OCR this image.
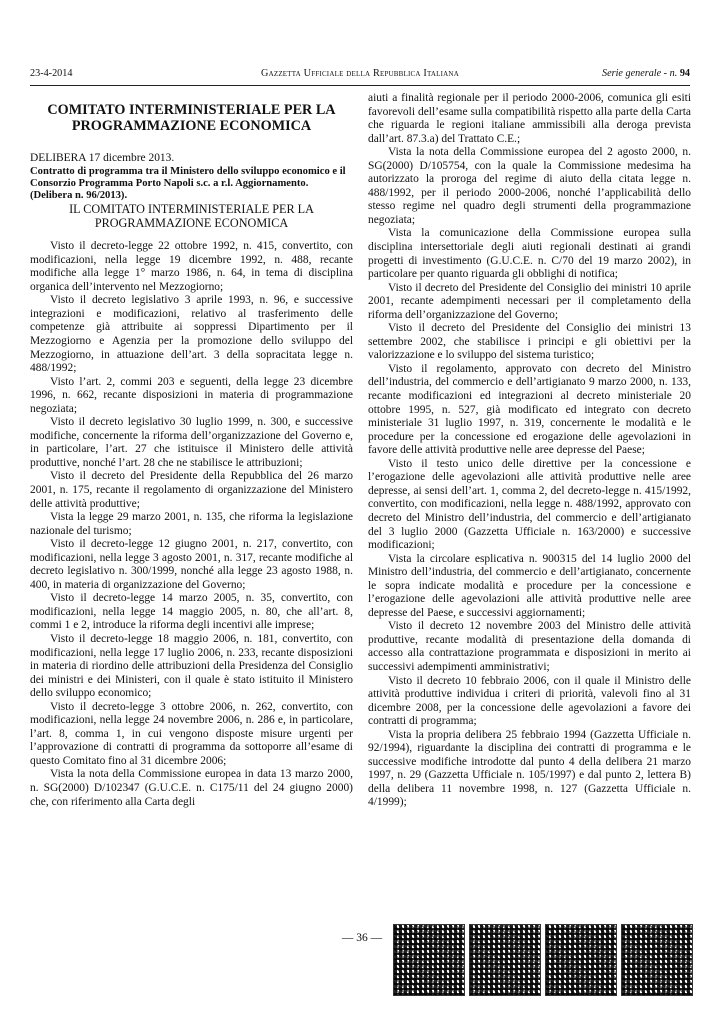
23-4-2014	Gazzetta Ufficiale della Repubblica Italiana	Serie generale - n. 94
COMITATO INTERMINISTERIALE PER LA PROGRAMMAZIONE ECONOMICA

DELIBERA 17 dicembre 2013.

Contratto di programma tra il Ministero dello sviluppo economico e il Consorzio Programma Porto Napoli s.c. a r.l. Aggiornamento. (Delibera n. 96/2013).

IL COMITATO INTERMINISTERIALE PER LA PROGRAMMAZIONE ECONOMICA

Visto il decreto-legge 22 ottobre 1992, n. 415, convertito, con modificazioni, nella legge 19 dicembre 1992, n. 488, recante modifiche alla legge 1° marzo 1986, n. 64, in tema di disciplina organica dell’intervento nel Mezzogiorno;

Visto il decreto legislativo 3 aprile 1993, n. 96, e successive integrazioni e modificazioni, relativo al trasferimento delle competenze già attribuite ai soppressi Dipartimento per il Mezzogiorno e Agenzia per la promozione dello sviluppo del Mezzogiorno, in attuazione dell’art. 3 della sopracitata legge n. 488/1992;

Visto l’art. 2, commi 203 e seguenti, della legge 23 dicembre 1996, n. 662, recante disposizioni in materia di programmazione negoziata;

Visto il decreto legislativo 30 luglio 1999, n. 300, e successive modifiche, concernente la riforma dell’organizzazione del Governo e, in particolare, l’art. 27 che istituisce il Ministero delle attività produttive, nonché l’art. 28 che ne stabilisce le attribuzioni;

Visto il decreto del Presidente della Repubblica del 26 marzo 2001, n. 175, recante il regolamento di organizzazione del Ministero delle attività produttive;

Vista la legge 29 marzo 2001, n. 135, che riforma la legislazione nazionale del turismo;

Visto il decreto-legge 12 giugno 2001, n. 217, convertito, con modificazioni, nella legge 3 agosto 2001, n. 317, recante modifiche al decreto legislativo n. 300/1999, nonché alla legge 23 agosto 1988, n. 400, in materia di organizzazione del Governo;

Visto il decreto-legge 14 marzo 2005, n. 35, convertito, con modificazioni, nella legge 14 maggio 2005, n. 80, che all’art. 8, commi 1 e 2, introduce la riforma degli incentivi alle imprese;

Visto il decreto-legge 18 maggio 2006, n. 181, convertito, con modificazioni, nella legge 17 luglio 2006, n. 233, recante disposizioni in materia di riordino delle attribuzioni della Presidenza del Consiglio dei ministri e dei Ministeri, con il quale è stato istituito il Ministero dello sviluppo economico;

Visto il decreto-legge 3 ottobre 2006, n. 262, convertito, con modificazioni, nella legge 24 novembre 2006, n. 286 e, in particolare, l’art. 8, comma 1, in cui vengono disposte misure urgenti per l’approvazione di contratti di programma da sottoporre all’esame di questo Comitato fino al 31 dicembre 2006;

Vista la nota della Commissione europea in data 13 marzo 2000, n. SG(2000) D/102347 (G.U.C.E. n. C175/11 del 24 giugno 2000) che, con riferimento alla Carta degli

aiuti a finalità regionale per il periodo 2000-2006, comunica gli esiti favorevoli dell’esame sulla compatibilità rispetto alla parte della Carta che riguarda le regioni italiane ammissibili alla deroga prevista dall’art. 87.3.a) del Trattato C.E.;

Vista la nota della Commissione europea del 2 agosto 2000, n. SG(2000) D/105754, con la quale la Commissione medesima ha autorizzato la proroga del regime di aiuto della citata legge n. 488/1992, per il periodo 2000-2006, nonché l’applicabilità dello stesso regime nel quadro degli strumenti della programmazione negoziata;

Vista la comunicazione della Commissione europea sulla disciplina intersettoriale degli aiuti regionali destinati ai grandi progetti di investimento (G.U.C.E. n. C/70 del 19 marzo 2002), in particolare per quanto riguarda gli obblighi di notifica;

Visto il decreto del Presidente del Consiglio dei ministri 10 aprile 2001, recante adempimenti necessari per il completamento della riforma dell’organizzazione del Governo;

Visto il decreto del Presidente del Consiglio dei ministri 13 settembre 2002, che stabilisce i principi e gli obiettivi per la valorizzazione e lo sviluppo del sistema turistico;

Visto il regolamento, approvato con decreto del Ministro dell’industria, del commercio e dell’artigianato 9 marzo 2000, n. 133, recante modificazioni ed integrazioni al decreto ministeriale 20 ottobre 1995, n. 527, già modificato ed integrato con decreto ministeriale 31 luglio 1997, n. 319, concernente le modalità e le procedure per la concessione ed erogazione delle agevolazioni in favore delle attività produttive nelle aree depresse del Paese;

Visto il testo unico delle direttive per la concessione e l’erogazione delle agevolazioni alle attività produttive nelle aree depresse, ai sensi dell’art. 1, comma 2, del decreto-legge n. 415/1992, convertito, con modificazioni, nella legge n. 488/1992, approvato con decreto del Ministro dell’industria, del commercio e dell’artigianato del 3 luglio 2000 (Gazzetta Ufficiale n. 163/2000) e successive modificazioni;

Vista la circolare esplicativa n. 900315 del 14 luglio 2000 del Ministro dell’industria, del commercio e dell’artigianato, concernente le sopra indicate modalità e procedure per la concessione e l’erogazione delle agevolazioni alle attività produttive nelle aree depresse del Paese, e successivi aggiornamenti;

Visto il decreto 12 novembre 2003 del Ministro delle attività produttive, recante modalità di presentazione della domanda di accesso alla contrattazione programmata e disposizioni in merito ai successivi adempimenti amministrativi;

Visto il decreto 10 febbraio 2006, con il quale il Ministro delle attività produttive individua i criteri di priorità, valevoli fino al 31 dicembre 2008, per la concessione delle agevolazioni a favore dei contratti di programma;

Vista la propria delibera 25 febbraio 1994 (Gazzetta Ufficiale n. 92/1994), riguardante la disciplina dei contratti di programma e le successive modifiche introdotte dal punto 4 della delibera 21 marzo 1997, n. 29 (Gazzetta Ufficiale n. 105/1997) e dal punto 2, lettera B) della delibera 11 novembre 1998, n. 127 (Gazzetta Ufficiale n. 4/1999);

— 36 —
